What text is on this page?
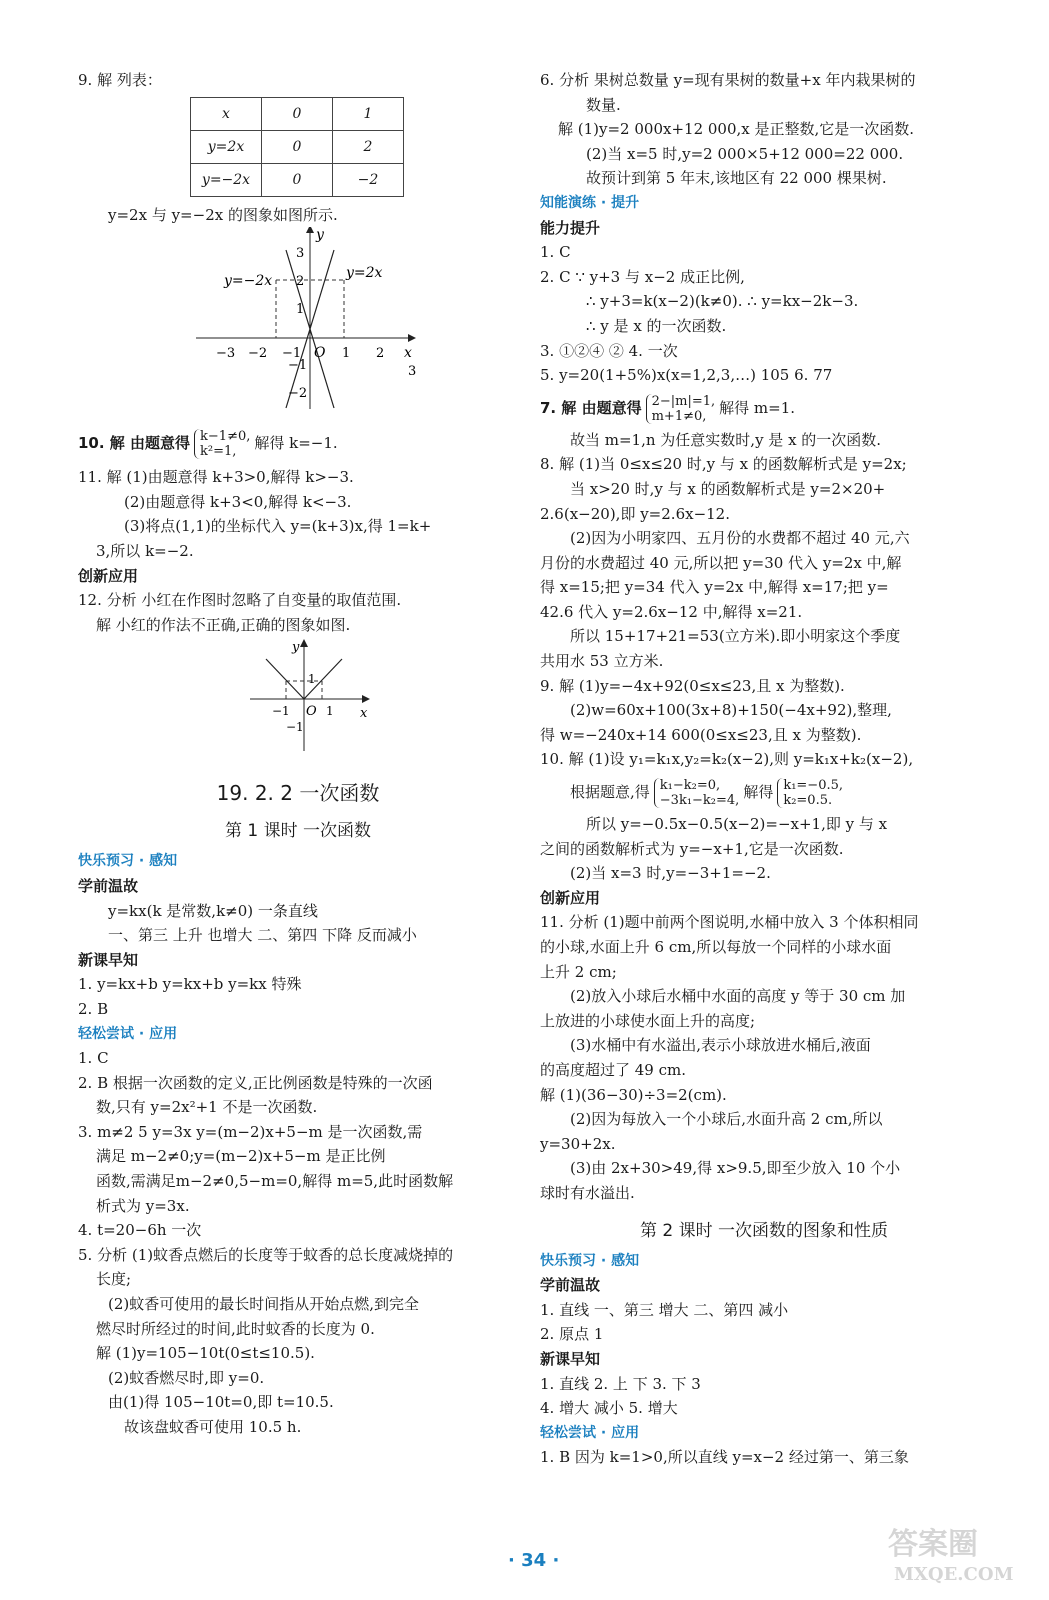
9. 解 列表：
x	0	1
y=2x	0	2
y=−2x	0	−2
y=2x 与 y=−2x 的图象如图所示.
y
x
O
y=−2x	y=2x
−3 −2 −1	1 2
3
3
2
1
−1
−2
10. 解 由题意得 k−1≠0,
k²=1, 解得 k=−1.
11. 解 (1)由题意得 k+3>0,解得 k>−3.
(2)由题意得 k+3<0,解得 k<−3.
(3)将点(1,1)的坐标代入 y=(k+3)x,得 1=k+
3,所以 k=−2.
创新应用
12. 分析 小红在作图时忽略了自变量的取值范围.
解 小红的作法不正确,正确的图象如图.
y
x
O
−1	1
1
−1
19. 2. 2 一次函数
第 1 课时 一次函数
快乐预习 · 感知
学前温故
y=kx(k 是常数,k≠0) 一条直线
一、第三 上升 也增大 二、第四 下降 反而减小
新课早知
1. y=kx+b y=kx+b y=kx 特殊
2. B
轻松尝试 · 应用
1. C
2. B 根据一次函数的定义,正比例函数是特殊的一次函
数,只有 y=2x²+1 不是一次函数.
3. m≠2 5 y=3x y=(m−2)x+5−m 是一次函数,需
满足 m−2≠0;y=(m−2)x+5−m 是正比例
函数,需满足m−2≠0,5−m=0,解得 m=5,此时函数解
析式为 y=3x.
4. t=20−6h 一次
5. 分析 (1)蚊香点燃后的长度等于蚊香的总长度减烧掉的
长度;
(2)蚊香可使用的最长时间指从开始点燃,到完全
燃尽时所经过的时间,此时蚊香的长度为 0.
解 (1)y=105−10t(0≤t≤10.5).
(2)蚊香燃尽时,即 y=0.
由(1)得 105−10t=0,即 t=10.5.
故该盘蚊香可使用 10.5 h.
6. 分析 果树总数量 y=现有果树的数量+x 年内栽果树的
数量.
解 (1)y=2 000x+12 000,x 是正整数,它是一次函数.
(2)当 x=5 时,y=2 000×5+12 000=22 000.
故预计到第 5 年末,该地区有 22 000 棵果树.
知能演练 · 提升
能力提升
1. C
2. C ∵ y+3 与 x−2 成正比例,
∴ y+3=k(x−2)(k≠0). ∴ y=kx−2k−3.
∴ y 是 x 的一次函数.
3. ①②④ ② 4. 一次
5. y=20(1+5%)x(x=1,2,3,…) 105 6. 77
7. 解 由题意得 2−|m|=1,
m+1≠0, 解得 m=1.
故当 m=1,n 为任意实数时,y 是 x 的一次函数.
8. 解 (1)当 0≤x≤20 时,y 与 x 的函数解析式是 y=2x;
当 x>20 时,y 与 x 的函数解析式是 y=2×20+
2.6(x−20),即 y=2.6x−12.
(2)因为小明家四、五月份的水费都不超过 40 元,六
月份的水费超过 40 元,所以把 y=30 代入 y=2x 中,解
得 x=15;把 y=34 代入 y=2x 中,解得 x=17;把 y=
42.6 代入 y=2.6x−12 中,解得 x=21.
所以 15+17+21=53(立方米).即小明家这个季度
共用水 53 立方米.
9. 解 (1)y=−4x+92(0≤x≤23,且 x 为整数).
(2)w=60x+100(3x+8)+150(−4x+92),整理,
得 w=−240x+14 600(0≤x≤23,且 x 为整数).
10. 解 (1)设 y₁=k₁x,y₂=k₂(x−2),则 y=k₁x+k₂(x−2),
根据题意,得 k₁−k₂=0,
−3k₁−k₂=4, 解得 k₁=−0.5,
k₂=0.5.
所以 y=−0.5x−0.5(x−2)=−x+1,即 y 与 x
之间的函数解析式为 y=−x+1,它是一次函数.
(2)当 x=3 时,y=−3+1=−2.
创新应用
11. 分析 (1)题中前两个图说明,水桶中放入 3 个体积相同
的小球,水面上升 6 cm,所以每放一个同样的小球水面
上升 2 cm;
(2)放入小球后水桶中水面的高度 y 等于 30 cm 加
上放进的小球使水面上升的高度;
(3)水桶中有水溢出,表示小球放进水桶后,液面
的高度超过了 49 cm.
解 (1)(36−30)÷3=2(cm).
(2)因为每放入一个小球后,水面升高 2 cm,所以
y=30+2x.
(3)由 2x+30>49,得 x>9.5,即至少放入 10 个小
球时有水溢出.
第 2 课时 一次函数的图象和性质
快乐预习 · 感知
学前温故
1. 直线 一、第三 增大 二、第四 减小
2. 原点 1
新课早知
1. 直线 2. 上 下 3. 下 3
4. 增大 减小 5. 增大
轻松尝试 · 应用
1. B 因为 k=1>0,所以直线 y=x−2 经过第一、第三象
· 34 ·	答案圈
MXQE.COM
